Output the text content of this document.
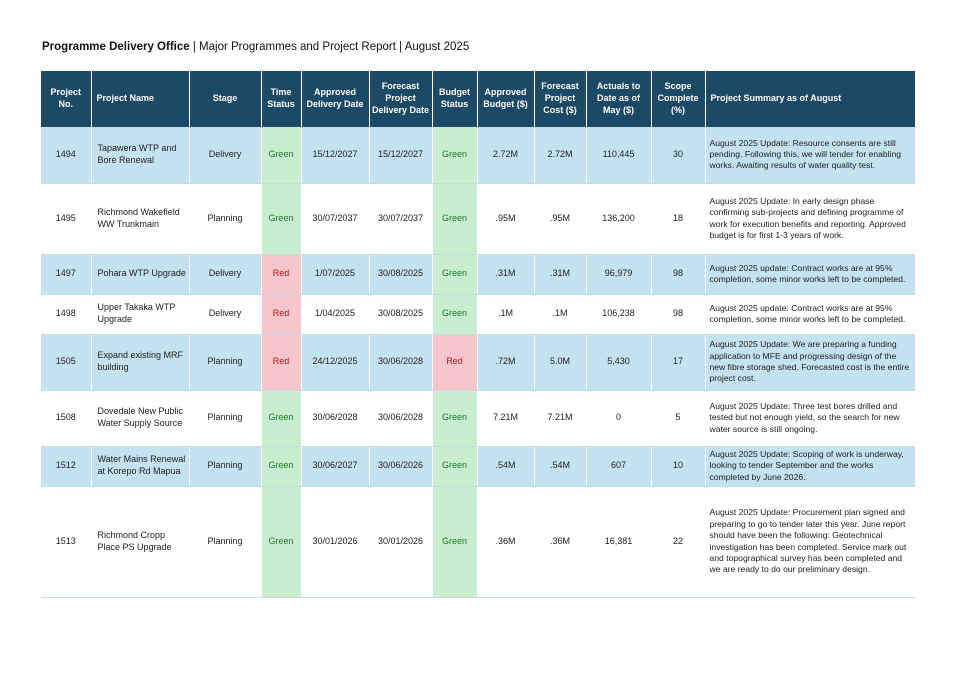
Programme Delivery Office | Major Programmes and Project Report | August 2025
Project No.	Project Name	Stage	Time Status	Approved Delivery Date	Forecast Project Delivery Date	Budget Status	Approved Budget ($)	Forecast Project Cost ($)	Actuals to Date as of May ($)	Scope Complete (%)	Project Summary as of August
1494	Tapawera WTP and Bore Renewal	Delivery	Green	15/12/2027	15/12/2027	Green	2.72M	2.72M	110,445	30	August 2025 Update: Resource consents are still pending. Following this, we will tender for enabling works. Awaiting results of water quality test.
1495	Richmond Wakefield WW Trunkmain	Planning	Green	30/07/2037	30/07/2037	Green	.95M	.95M	136,200	18	August 2025 Update: In early design phase confirming sub-projects and defining programme of work for execution benefits and reporting. Approved budget is for first 1-3 years of work.
1497	Pohara WTP Upgrade	Delivery	Red	1/07/2025	30/08/2025	Green	.31M	.31M	96,979	98	August 2025 update: Contract works are at 95% completion, some minor works left to be completed.
1498	Upper Takaka WTP Upgrade	Delivery	Red	1/04/2025	30/08/2025	Green	.1M	.1M	106,238	98	August 2025 update: Contract works are at 95% completion, some minor works left to be completed.
1505	Expand existing MRF building	Planning	Red	24/12/2025	30/06/2028	Red	.72M	5.0M	5,430	17	August 2025 Update: We are preparing a funding application to MFE and progressing design of the new fibre storage shed. Forecasted cost is the entire project cost.
1508	Dovedale New Public Water Supply Source	Planning	Green	30/06/2028	30/06/2028	Green	7.21M	7.21M	0	5	August 2025 Update: Three test bores drilled and tested but not enough yield, so the search for new water source is still ongoing.
1512	Water Mains Renewal at Korepo Rd Mapua	Planning	Green	30/06/2027	30/06/2026	Green	.54M	.54M	607	10	August 2025 Update: Scoping of work is underway, looking to tender September and the works completed by June 2026.
1513	Richmond Cropp Place PS Upgrade	Planning	Green	30/01/2026	30/01/2026	Green	.36M	.36M	16,381	22	August 2025 Update: Procurement plan signed and preparing to go to tender later this year. June report should have been the following: Geotechnical investigation has been completed. Service mark out and topographical survey has been completed and we are ready to do our preliminary design.
